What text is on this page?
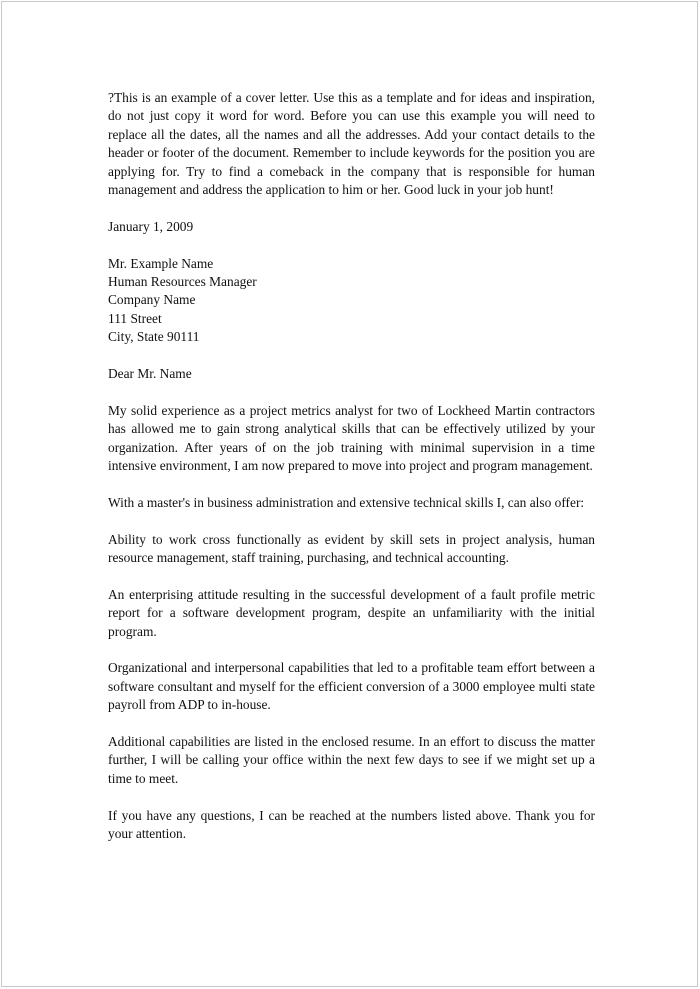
?This is an example of a cover letter. Use this as a template and for ideas and inspiration, do not just copy it word for word. Before you can use this example you will need to replace all the dates, all the names and all the addresses. Add your contact details to the header or footer of the document. Remember to include keywords for the position you are applying for. Try to find a comeback in the company that is responsible for human management and address the application to him or her. Good luck in your job hunt!

January 1, 2009

Mr. Example Name
Human Resources Manager
Company Name
111 Street
City, State 90111

Dear Mr. Name

My solid experience as a project metrics analyst for two of Lockheed Martin contractors has allowed me to gain strong analytical skills that can be effectively utilized by your organization. After years of on the job training with minimal supervision in a time intensive environment, I am now prepared to move into project and program management.

With a master's in business administration and extensive technical skills I, can also offer:

Ability to work cross functionally as evident by skill sets in project analysis, human resource management, staff training, purchasing, and technical accounting.

An enterprising attitude resulting in the successful development of a fault profile metric report for a software development program, despite an unfamiliarity with the initial program.

Organizational and interpersonal capabilities that led to a profitable team effort between a software consultant and myself for the efficient conversion of a 3000 employee multi state payroll from ADP to in-house.

Additional capabilities are listed in the enclosed resume. In an effort to discuss the matter further, I will be calling your office within the next few days to see if we might set up a time to meet.

If you have any questions, I can be reached at the numbers listed above. Thank you for your attention.
